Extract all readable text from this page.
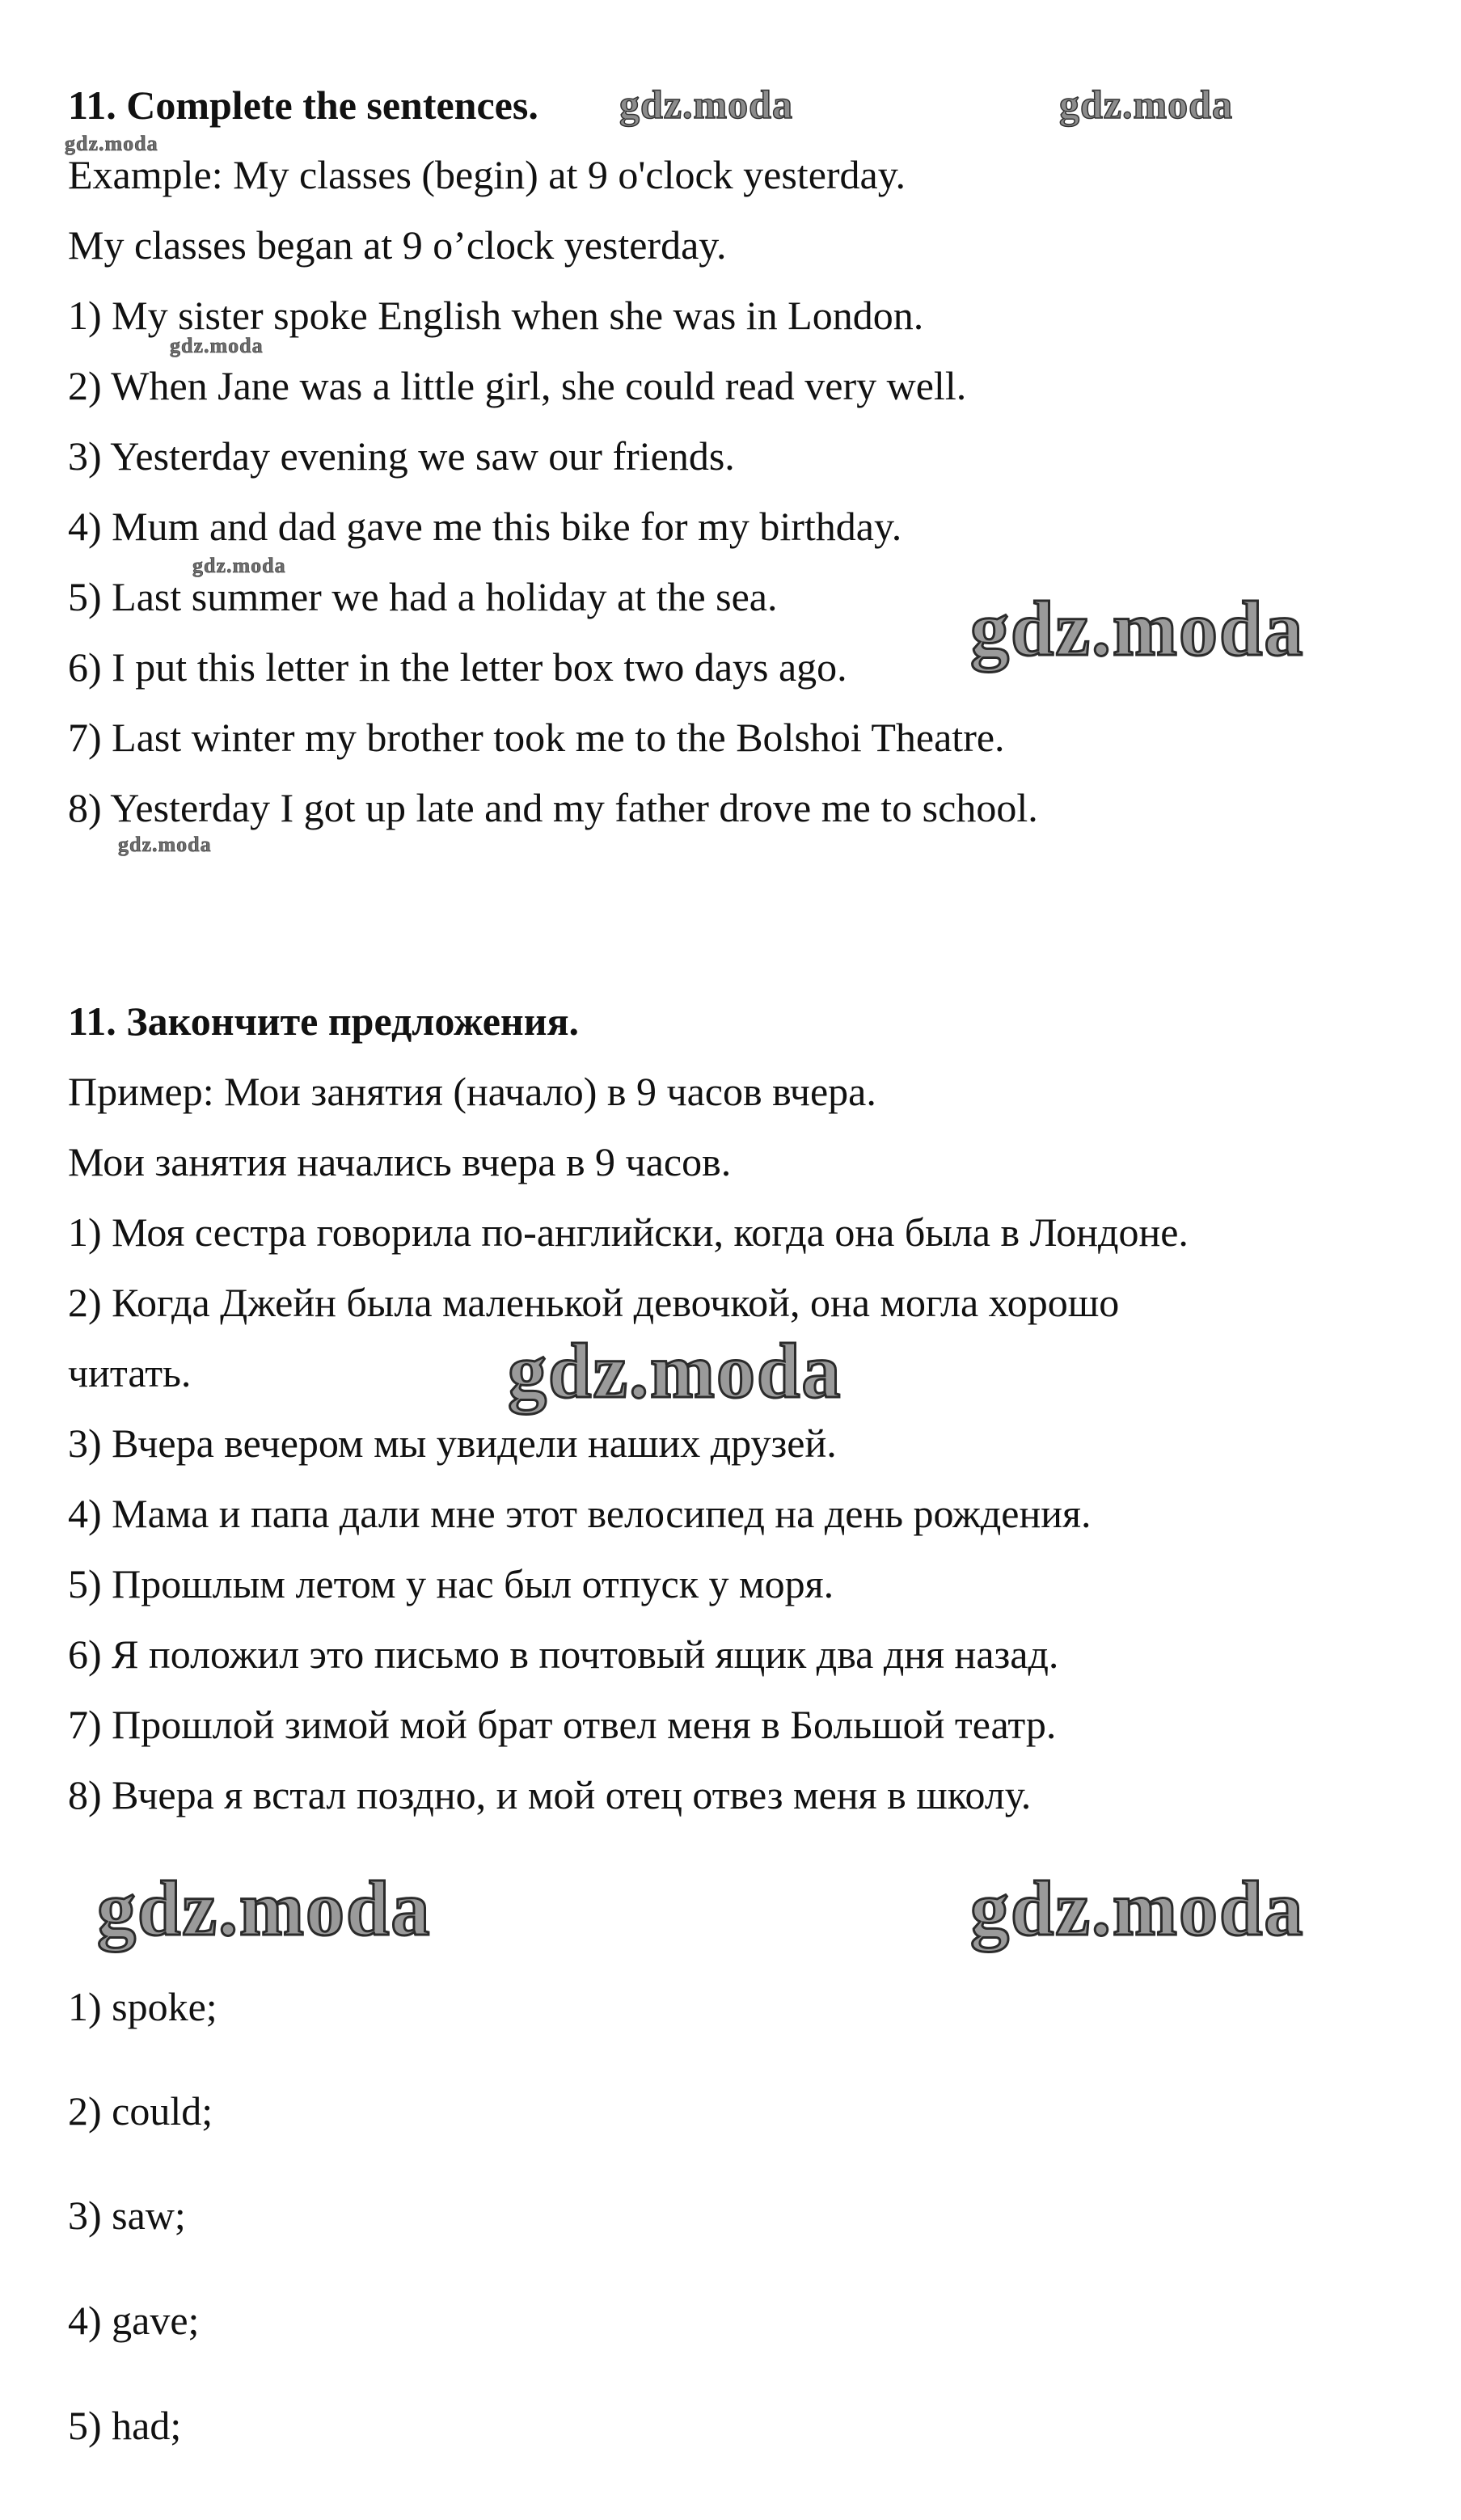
11. Complete the sentences.
Example: My classes (begin) at 9 o'clock yesterday.
My classes began at 9 o’clock yesterday.
1) My sister spoke English when she was in London.
2) When Jane was a little girl, she could read very well.
3) Yesterday evening we saw our friends.
4) Mum and dad gave me this bike for my birthday.
5) Last summer we had a holiday at the sea.
6) I put this letter in the letter box two days ago.
7) Last winter my brother took me to the Bolshoi Theatre.
8) Yesterday I got up late and my father drove me to school.
11. Закончите предложения.
Пример: Мои занятия (начало) в 9 часов вчера.
Мои занятия начались вчера в 9 часов.
1) Моя сестра говорила по-английски, когда она была в Лондоне.
2) Когда Джейн была маленькой девочкой, она могла хорошо
читать.
3) Вчера вечером мы увидели наших друзей.
4) Мама и папа дали мне этот велосипед на день рождения.
5) Прошлым летом у нас был отпуск у моря.
6) Я положил это письмо в почтовый ящик два дня назад.
7) Прошлой зимой мой брат отвел меня в Большой театр.
8) Вчера я встал поздно, и мой отец отвез меня в школу.
1) spoke;
2) could;
3) saw;
4) gave;
5) had;
gdz.moda	gdz.moda
gdz.moda
gdz.moda
gdz.moda
gdz.moda
gdz.moda
gdz.moda
gdz.moda	gdz.moda
